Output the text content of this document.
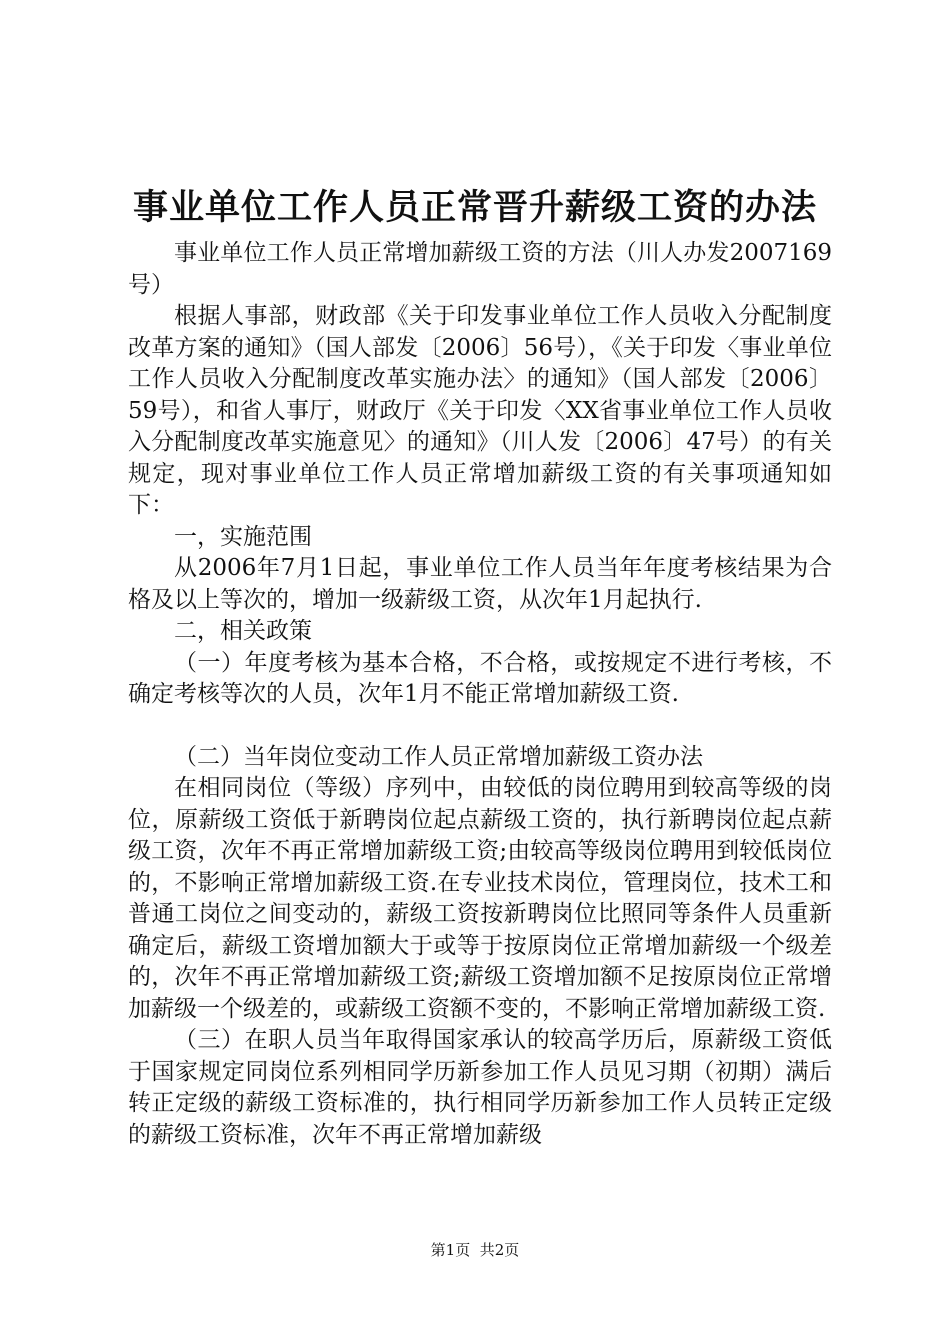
事业单位工作人员正常晋升薪级工资的办法

事业单位工作人员正常增加薪级工资的方法（川人办发2007169号）

根据人事部，财政部《关于印发事业单位工作人员收入分配制度改革方案的通知》（国人部发〔2006〕56号），《关于印发〈事业单位工作人员收入分配制度改革实施办法〉的通知》（国人部发〔2006〕59号），和省人事厅，财政厅《关于印发〈XX省事业单位工作人员收入分配制度改革实施意见〉的通知》（川人发〔2006〕47号）的有关规定，现对事业单位工作人员正常增加薪级工资的有关事项通知如下：

一，实施范围

从2006年7月1日起，事业单位工作人员当年年度考核结果为合格及以上等次的，增加一级薪级工资，从次年1月起执行.

二，相关政策

（一）年度考核为基本合格，不合格，或按规定不进行考核，不确定考核等次的人员，次年1月不能正常增加薪级工资.

（二）当年岗位变动工作人员正常增加薪级工资办法

在相同岗位（等级）序列中，由较低的岗位聘用到较高等级的岗位，原薪级工资低于新聘岗位起点薪级工资的，执行新聘岗位起点薪级工资，次年不再正常增加薪级工资;由较高等级岗位聘用到较低岗位的，不影响正常增加薪级工资.在专业技术岗位，管理岗位，技术工和普通工岗位之间变动的，薪级工资按新聘岗位比照同等条件人员重新确定后，薪级工资增加额大于或等于按原岗位正常增加薪级一个级差的，次年不再正常增加薪级工资;薪级工资增加额不足按原岗位正常增加薪级一个级差的，或薪级工资额不变的，不影响正常增加薪级工资.

（三）在职人员当年取得国家承认的较高学历后，原薪级工资低于国家规定同岗位系列相同学历新参加工作人员见习期（初期）满后转正定级的薪级工资标准的，执行相同学历新参加工作人员转正定级的薪级工资标准，次年不再正常增加薪级

第1页 共2页
